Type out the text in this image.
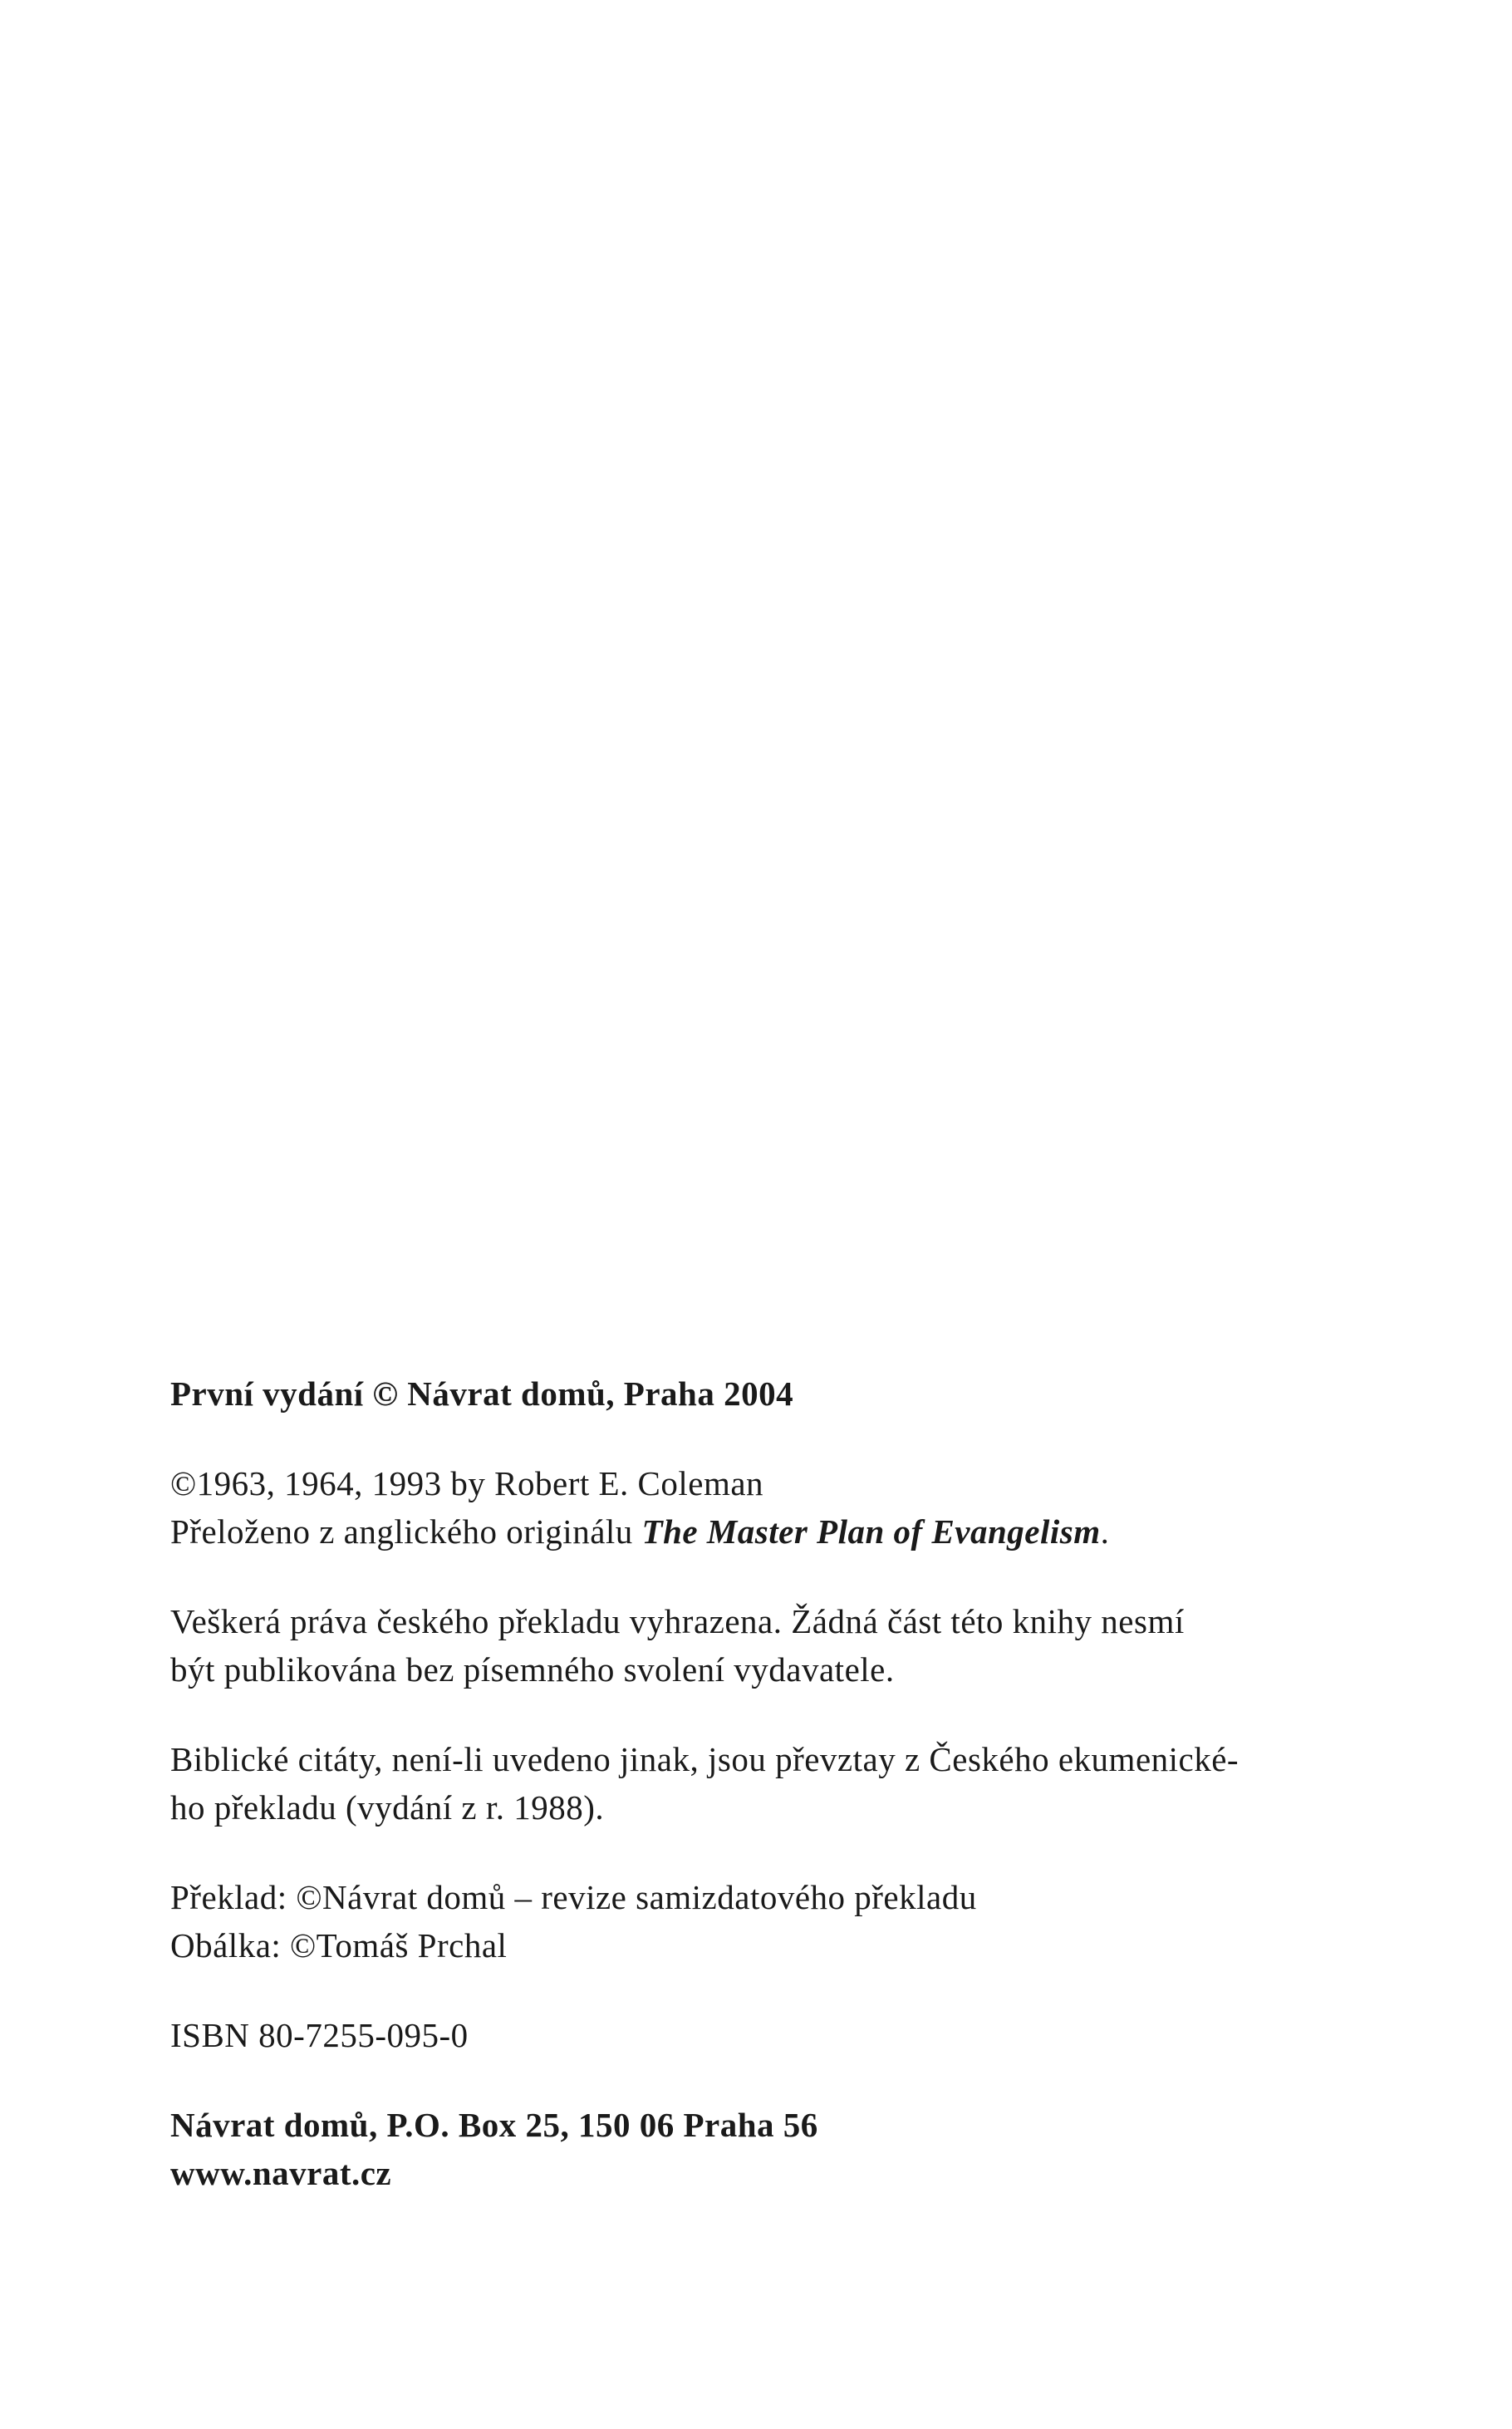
První vydání © Návrat domů, Praha 2004

©1963, 1964, 1993 by Robert E. Coleman
Přeloženo z anglického originálu The Master Plan of Evangelism.

Veškerá práva českého překladu vyhrazena. Žádná část této knihy nesmí
být publikována bez písemného svolení vydavatele.

Biblické citáty, není-li uvedeno jinak, jsou převztay z Českého ekumenické-
ho překladu (vydání z r. 1988).

Překlad: ©Návrat domů – revize samizdatového překladu
Obálka: ©Tomáš Prchal

ISBN 80-7255-095-0

Návrat domů, P.O. Box 25, 150 06 Praha 56
www.navrat.cz
